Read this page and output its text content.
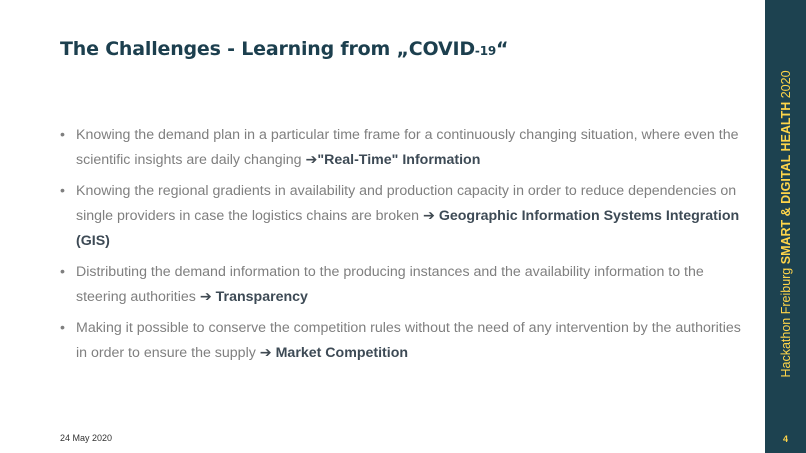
The Challenges - Learning from „COVID-19“
• Knowing the demand plan in a particular time frame for a continuously changing situation, where even the scientific insights are daily changing ➔"Real-Time" Information
• Knowing the regional gradients in availability and production capacity in order to reduce dependencies on single providers in case the logistics chains are broken ➔ Geographic Information Systems Integration (GIS)
• Distributing the demand information to the producing instances and the availability information to the steering authorities ➔ Transparency
• Making it possible to conserve the competition rules without the need of any intervention by the authorities in order to ensure the supply ➔ Market Competition
24 May 2020
Hackathon Freiburg SMART & DIGITAL HEALTH 2020
4
